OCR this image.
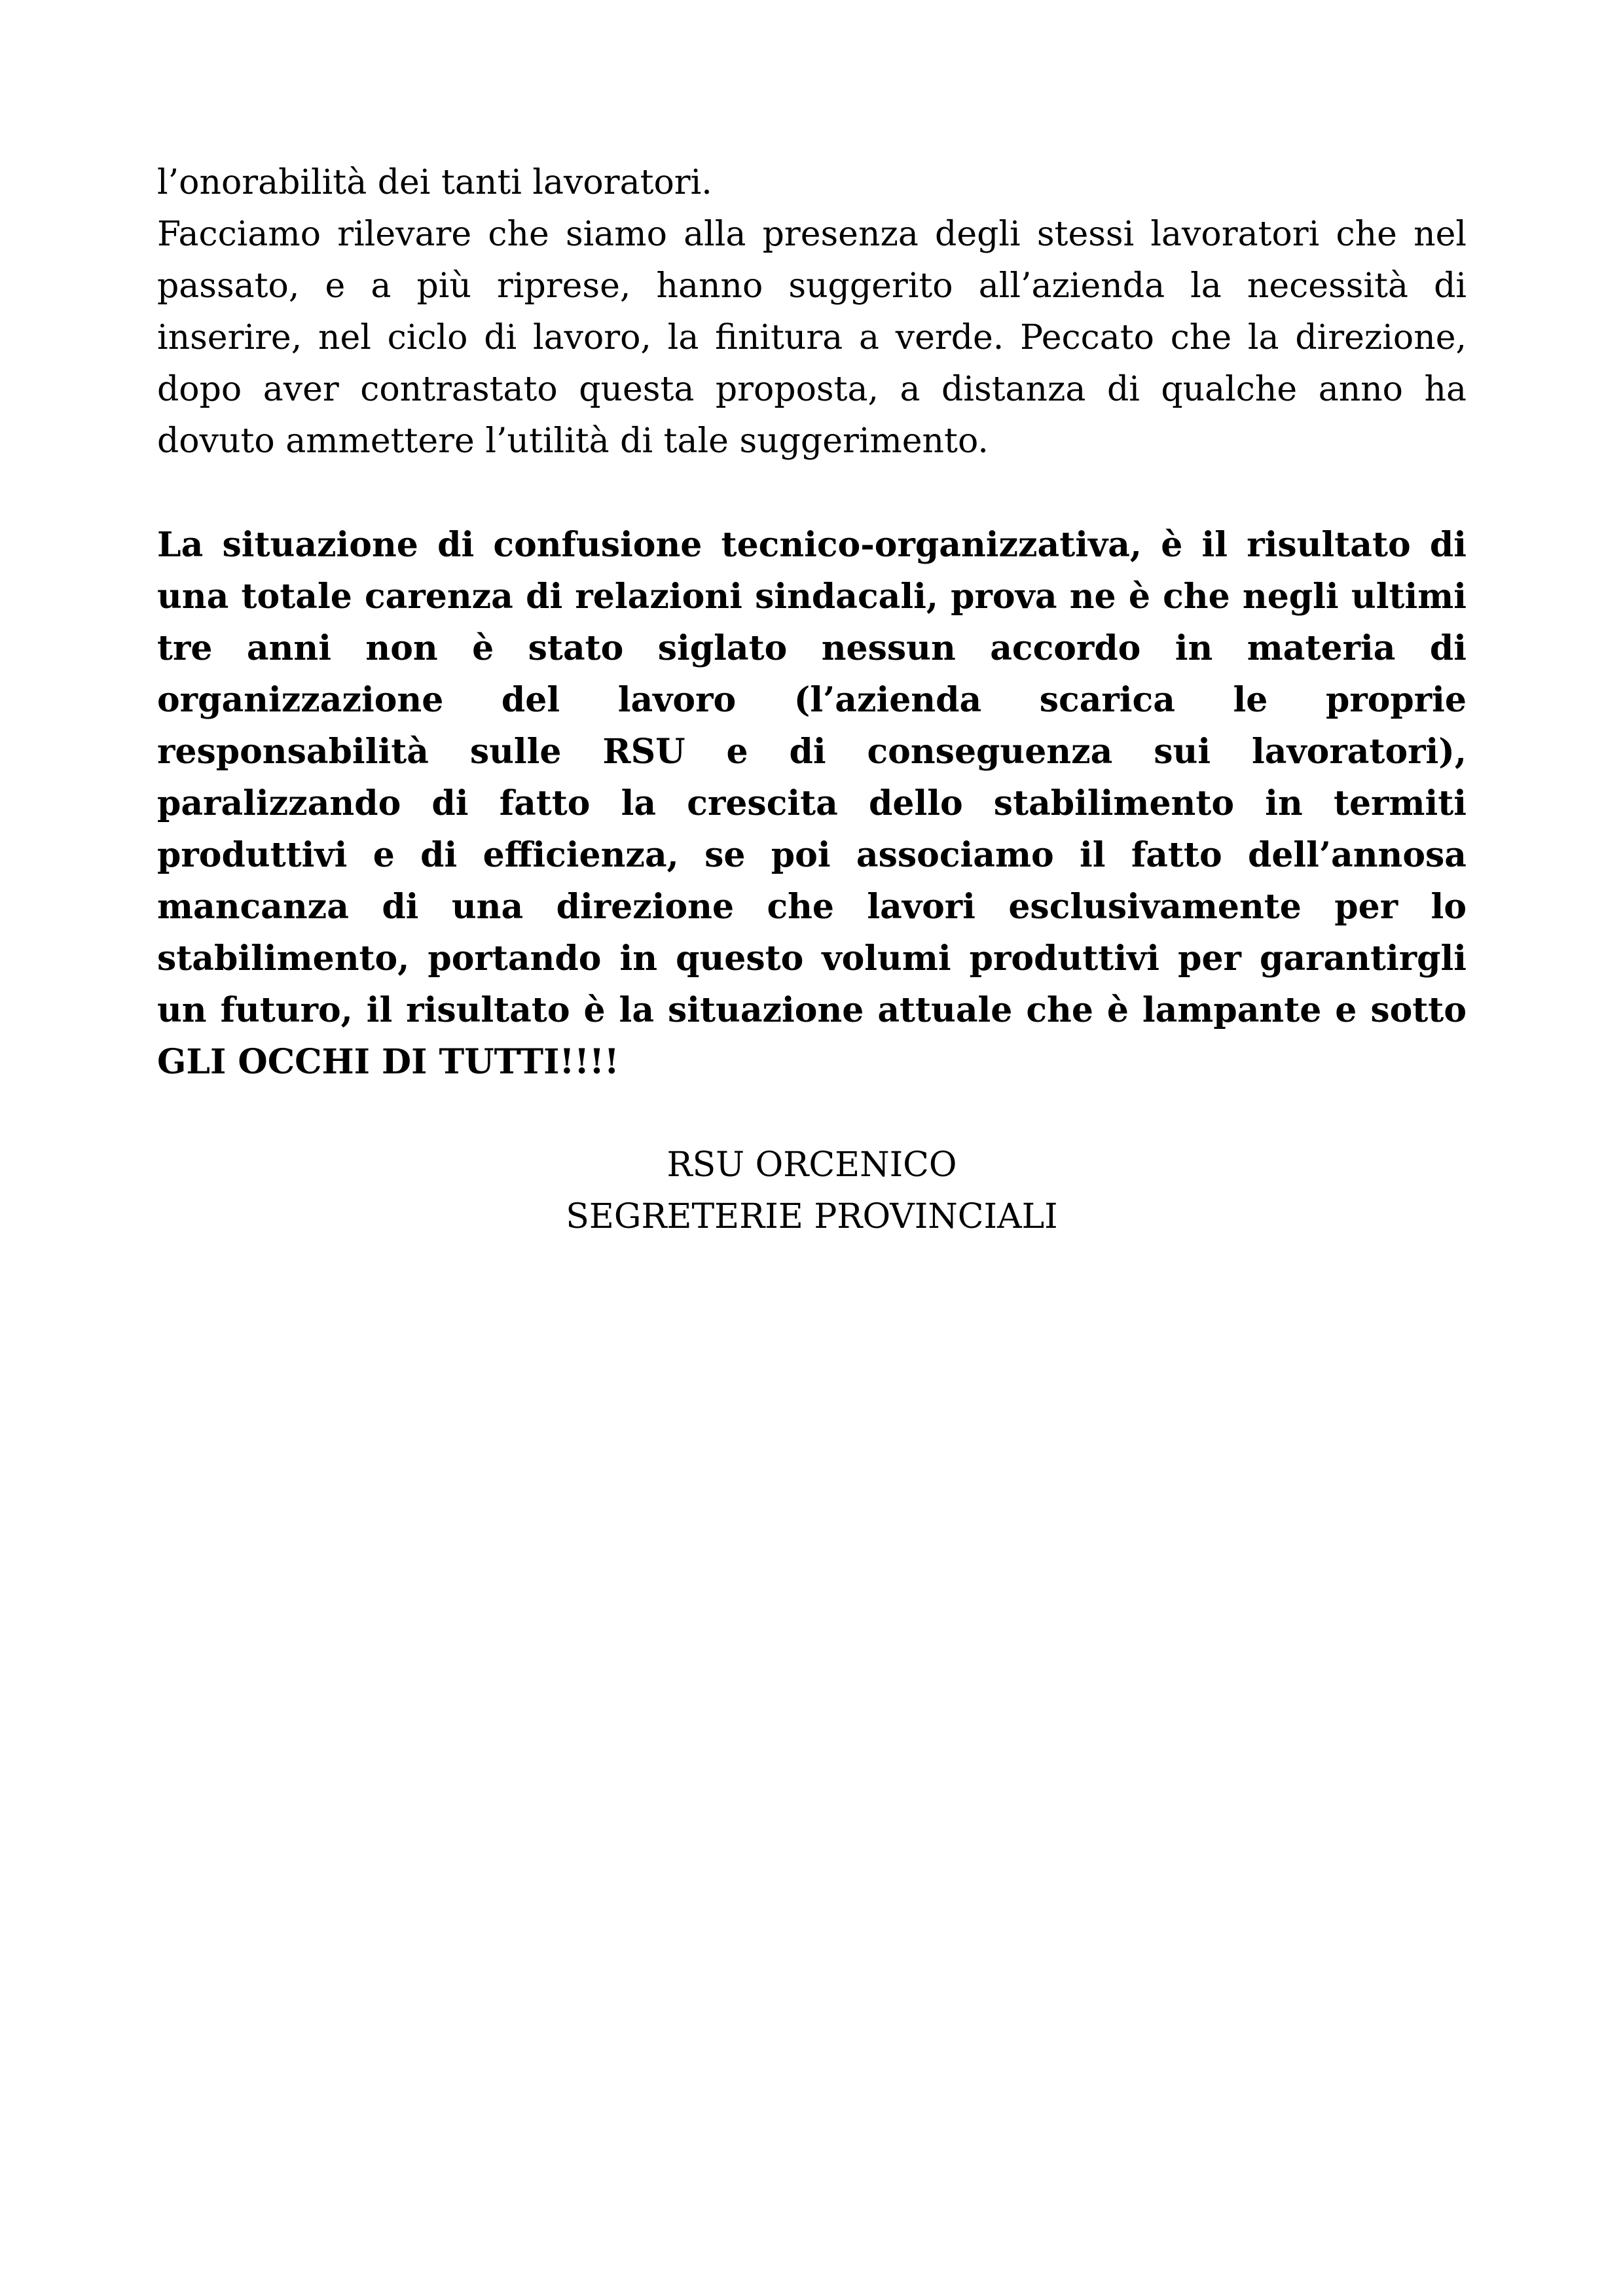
l’onorabilità dei tanti lavoratori.

Facciamo rilevare che siamo alla presenza degli stessi lavoratori che nel passato, e a più riprese, hanno suggerito all’azienda la necessità di inserire, nel ciclo di lavoro, la finitura a verde. Peccato che la direzione, dopo aver contrastato questa proposta, a distanza di qualche anno ha dovuto ammettere l’utilità di tale suggerimento.

La situazione di confusione tecnico-organizzativa, è il risultato di una totale carenza di relazioni sindacali, prova ne è che negli ultimi tre anni non è stato siglato nessun accordo in materia di organizzazione del lavoro (l’azienda scarica le proprie responsabilità sulle RSU e di conseguenza sui lavoratori), paralizzando di fatto la crescita dello stabilimento in termiti produttivi e di efficienza, se poi associamo il fatto dell’annosa mancanza di una direzione che lavori esclusivamente per lo stabilimento, portando in questo volumi produttivi per garantirgli un futuro, il risultato è la situazione attuale che è lampante e sotto GLI OCCHI DI TUTTI!!!!

RSU ORCENICO
SEGRETERIE PROVINCIALI
